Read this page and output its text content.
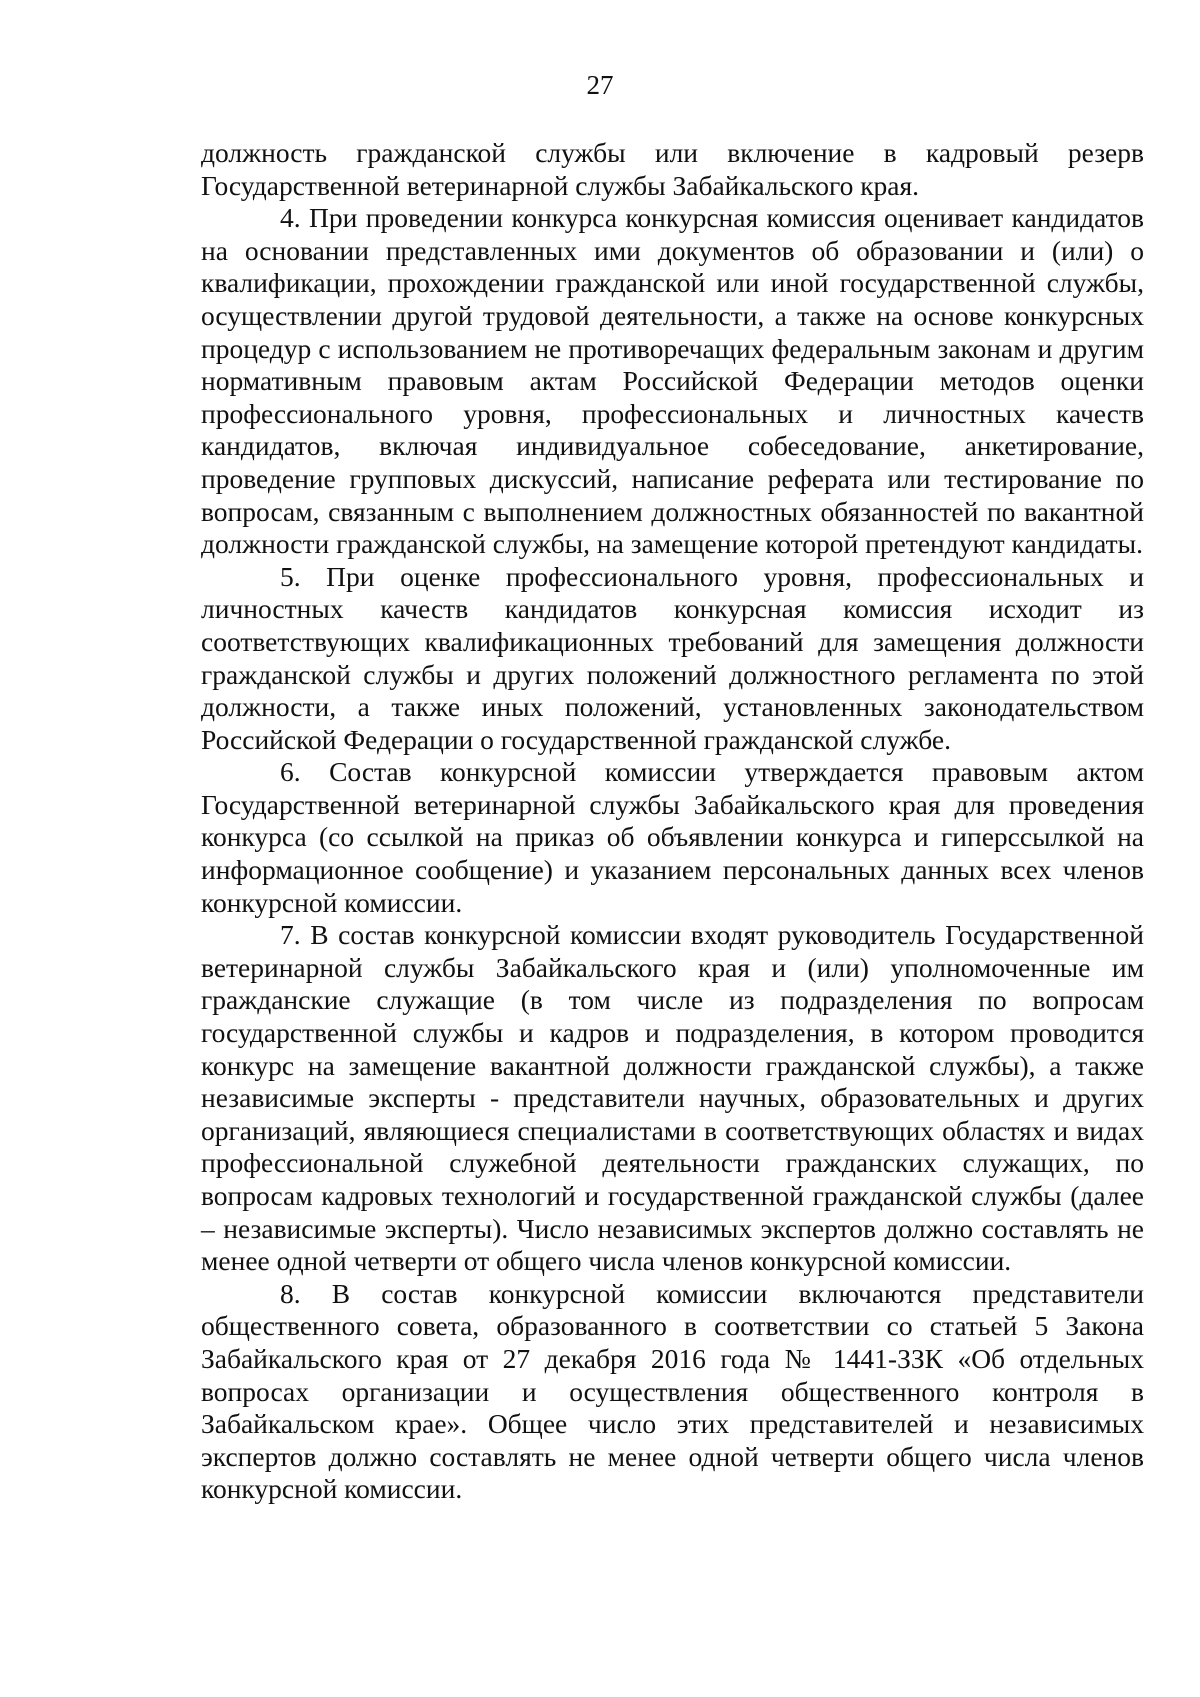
27

должность гражданской службы или включение в кадровый резерв Государственной ветеринарной службы Забайкальского края.

4. При проведении конкурса конкурсная комиссия оценивает кандидатов на основании представленных ими документов об образовании и (или) о квалификации, прохождении гражданской или иной государственной службы, осуществлении другой трудовой деятельности, а также на основе конкурсных процедур с использованием не противоречащих федеральным законам и другим нормативным правовым актам Российской Федерации методов оценки профессионального уровня, профессиональных и личностных качеств кандидатов, включая индивидуальное собеседование, анкетирование, проведение групповых дискуссий, написание реферата или тестирование по вопросам, связанным с выполнением должностных обязанностей по вакантной должности гражданской службы, на замещение которой претендуют кандидаты.

5. При оценке профессионального уровня, профессиональных и личностных качеств кандидатов конкурсная комиссия исходит из соответствующих квалификационных требований для замещения должности гражданской службы и других положений должностного регламента по этой должности, а также иных положений, установленных законодательством Российской Федерации о государственной гражданской службе.

6. Состав конкурсной комиссии утверждается правовым актом Государственной ветеринарной службы Забайкальского края для проведения конкурса (со ссылкой на приказ об объявлении конкурса и гиперссылкой на информационное сообщение) и указанием персональных данных всех членов конкурсной комиссии.

7. В состав конкурсной комиссии входят руководитель Государственной ветеринарной службы Забайкальского края и (или) уполномоченные им гражданские служащие (в том числе из подразделения по вопросам государственной службы и кадров и подразделения, в котором проводится конкурс на замещение вакантной должности гражданской службы), а также независимые эксперты - представители научных, образовательных и других организаций, являющиеся специалистами в соответствующих областях и видах профессиональной служебной деятельности гражданских служащих, по вопросам кадровых технологий и государственной гражданской службы (далее – независимые эксперты). Число независимых экспертов должно составлять не менее одной четверти от общего числа членов конкурсной комиссии.

8. В состав конкурсной комиссии включаются представители общественного совета, образованного в соответствии со статьей 5 Закона Забайкальского края от 27 декабря 2016 года № 1441-ЗЗК «Об отдельных вопросах организации и осуществления общественного контроля в Забайкальском крае». Общее число этих представителей и независимых экспертов должно составлять не менее одной четверти общего числа членов конкурсной комиссии.
